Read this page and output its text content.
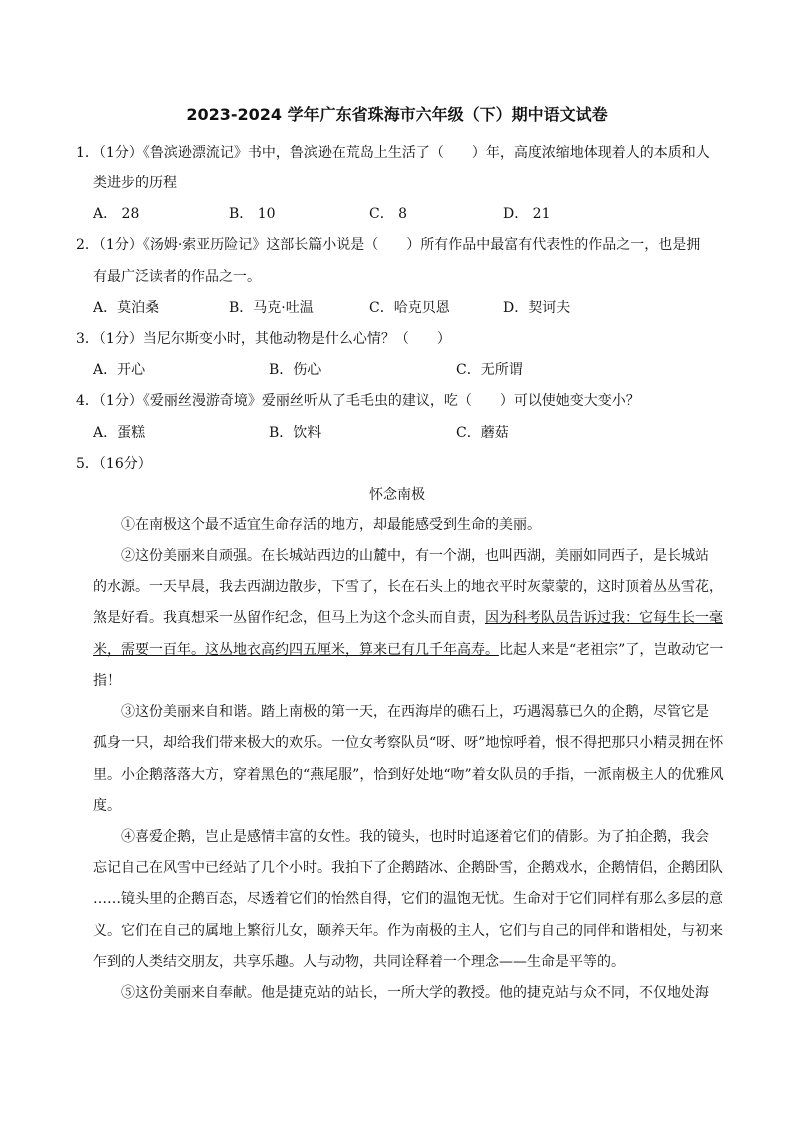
2023-2024 学年广东省珠海市六年级（下）期中语文试卷
1．（1分）《鲁滨逊漂流记》书中，鲁滨逊在荒岛上生活了（　　）年，高度浓缩地体现着人的本质和人
类进步的历程
A． 28	B． 10	C． 8	D． 21
2．（1分）《汤姆·索亚历险记》这部长篇小说是（　　）所有作品中最富有代表性的作品之一，也是拥
有最广泛读者的作品之一。
A．莫泊桑	B．马克·吐温	C．哈克贝恩	D．契诃夫
3．（1分）当尼尔斯变小时，其他动物是什么心情？（　　）
A．开心	B．伤心	C．无所谓
4．（1分）《爱丽丝漫游奇境》爱丽丝听从了毛毛虫的建议，吃（　　）可以使她变大变小？
A．蛋糕	B．饮料	C．蘑菇
5．（16分）
怀念南极
①在南极这个最不适宜生命存活的地方，却最能感受到生命的美丽。
②这份美丽来自顽强。在长城站西边的山麓中，有一个湖，也叫西湖，美丽如同西子，是长城站
的水源。一天早晨，我去西湖边散步，下雪了，长在石头上的地衣平时灰蒙蒙的，这时顶着丛丛雪花，
煞是好看。我真想采一丛留作纪念，但马上为这个念头而自责，因为科考队员告诉过我：它每生长一毫
米，需要一百年。这丛地衣高约四五厘米，算来已有几千年高寿。比起人来是“老祖宗”了，岂敢动它一
指！
③这份美丽来自和谐。踏上南极的第一天，在西海岸的礁石上，巧遇渴慕已久的企鹅，尽管它是
孤身一只，却给我们带来极大的欢乐。一位女考察队员“呀、呀”地惊呼着，恨不得把那只小精灵拥在怀
里。小企鹅落落大方，穿着黑色的“燕尾服”，恰到好处地“吻”着女队员的手指，一派南极主人的优雅风
度。
④喜爱企鹅，岂止是感情丰富的女性。我的镜头，也时时追逐着它们的倩影。为了拍企鹅，我会
忘记自己在风雪中已经站了几个小时。我拍下了企鹅踏冰、企鹅卧雪，企鹅戏水，企鹅情侣，企鹅团队
……镜头里的企鹅百态，尽透着它们的怡然自得，它们的温饱无忧。生命对于它们同样有那么多层的意
义。它们在自己的属地上繁衍儿女，颐养天年。作为南极的主人，它们与自己的同伴和谐相处，与初来
乍到的人类结交朋友，共享乐趣。人与动物，共同诠释着一个理念——生命是平等的。
⑤这份美丽来自奉献。他是捷克站的站长，一所大学的教授。他的捷克站与众不同，不仅地处海
